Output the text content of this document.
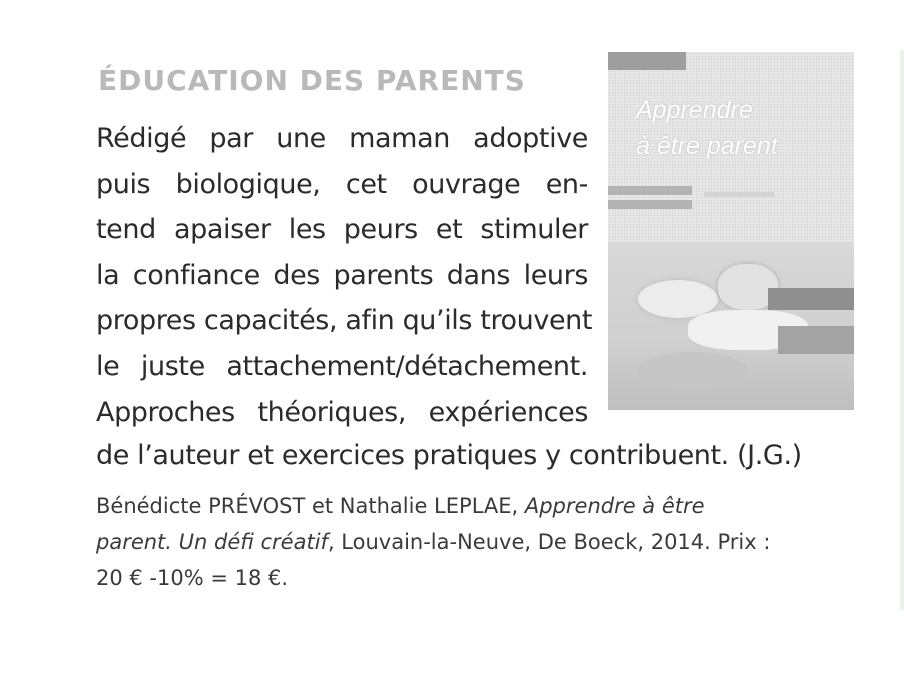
ÉDUCATION DES PARENTS
Rédigé par une maman adoptive
puis biologique, cet ouvrage en-
tend apaiser les peurs et stimuler
la confiance des parents dans leurs
propres capacités, afin qu’ils trouvent
le juste attachement/détachement.
Approches théoriques, expériences
de l’auteur et exercices pratiques y contribuent. (J.G.)
Bénédicte PRÉVOST et Nathalie LEPLAE, Apprendre à être
parent. Un défi créatif, Louvain-la-Neuve, De Boeck, 2014. Prix :
20 € -10% = 18 €.
Apprendre
à être parent
